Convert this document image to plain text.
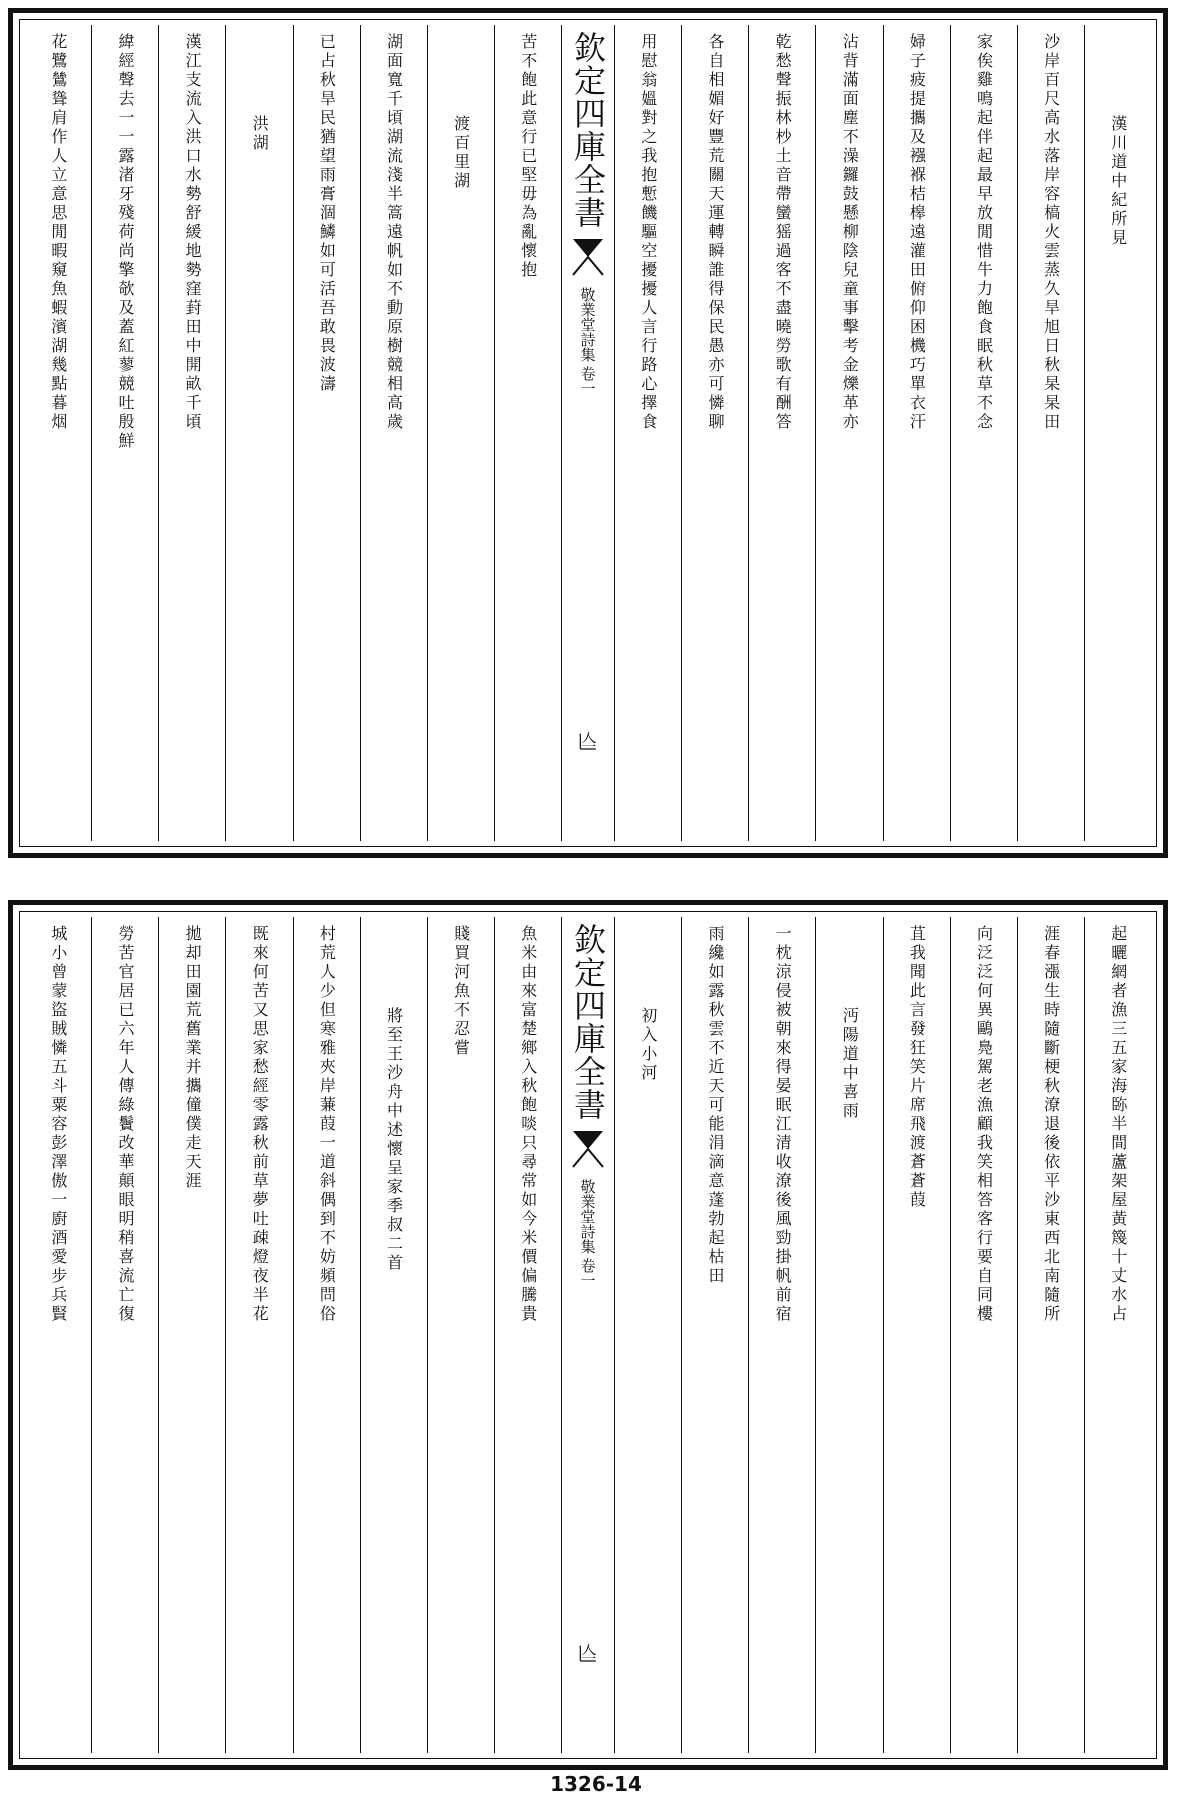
漢川道中紀所見
沙岸百尺高水落岸容槁火雲蒸久旱旭日秋杲杲田
家俟雞鳴起伴起最早放閒惜牛力飽食眠秋草不念
婦子疲提攜及襁褓桔槔遠灌田俯仰困機巧單衣汗
沾背滿面塵不澡鑼鼓懸柳陰兒童事擊考金爍革亦
乾愁聲振林杪土音帶蠻猺過客不盡曉勞歌有酬答
各自相媚好豐荒關天運轉瞬誰得保民愚亦可憐聊
用慰翁媼對之我抱慙饑驅空擾擾人言行路心擇食
欽定四庫全書
敬業堂詩集
卷一
𠆦
苦不飽此意行已堅毋為亂懷抱
渡百里湖
湖面寬千頃湖流淺半篙遠帆如不動原樹競相高歲
已占秋旱民猶望雨膏涸鱗如可活吾敢畏波濤
洪湖
漢江支流入洪口水勢舒緩地勢窪葑田中開畝千頃
緯經聲去一一露渚牙殘荷尚擎欹及蓋紅蓼競吐殷鮮
花鷺鷥聳肩作人立意思閒暇窺魚蝦濱湖幾點暮烟
起曬網者漁三五家海䑐半間蘆架屋黃篾十丈水占
涯春漲生時隨斷梗秋潦退後依平沙東西北南隨所
向泛泛何異鷗鳧駕老漁顧我笑相答客行要自同樓
苴我聞此言發狂笑片席飛渡蒼蒼葭
沔陽道中喜雨
一枕涼侵被朝來得晏眠江清收潦後風勁掛帆前宿
雨纔如露秋雲不近天可能涓滴意蓬勃起枯田
初入小河
欽定四庫全書
敬業堂詩集
卷一
𠆦
魚米由來富楚鄉入秋飽啖只尋常如今米價偏騰貴
賤買河魚不忍嘗
將至王沙舟中述懷呈家季叔二首
村荒人少但寒雅夾岸蒹葭一道斜偶到不妨頻問俗
既來何苦又思家愁經零露秋前草夢吐疎燈夜半花
拋却田園荒舊業并攜僮僕走天涯
勞苦官居已六年人傳綠鬢改華顛眼明稍喜流亡復
城小曾蒙盜賊憐五斗粟容彭澤傲一廚酒愛步兵賢
1326-14
